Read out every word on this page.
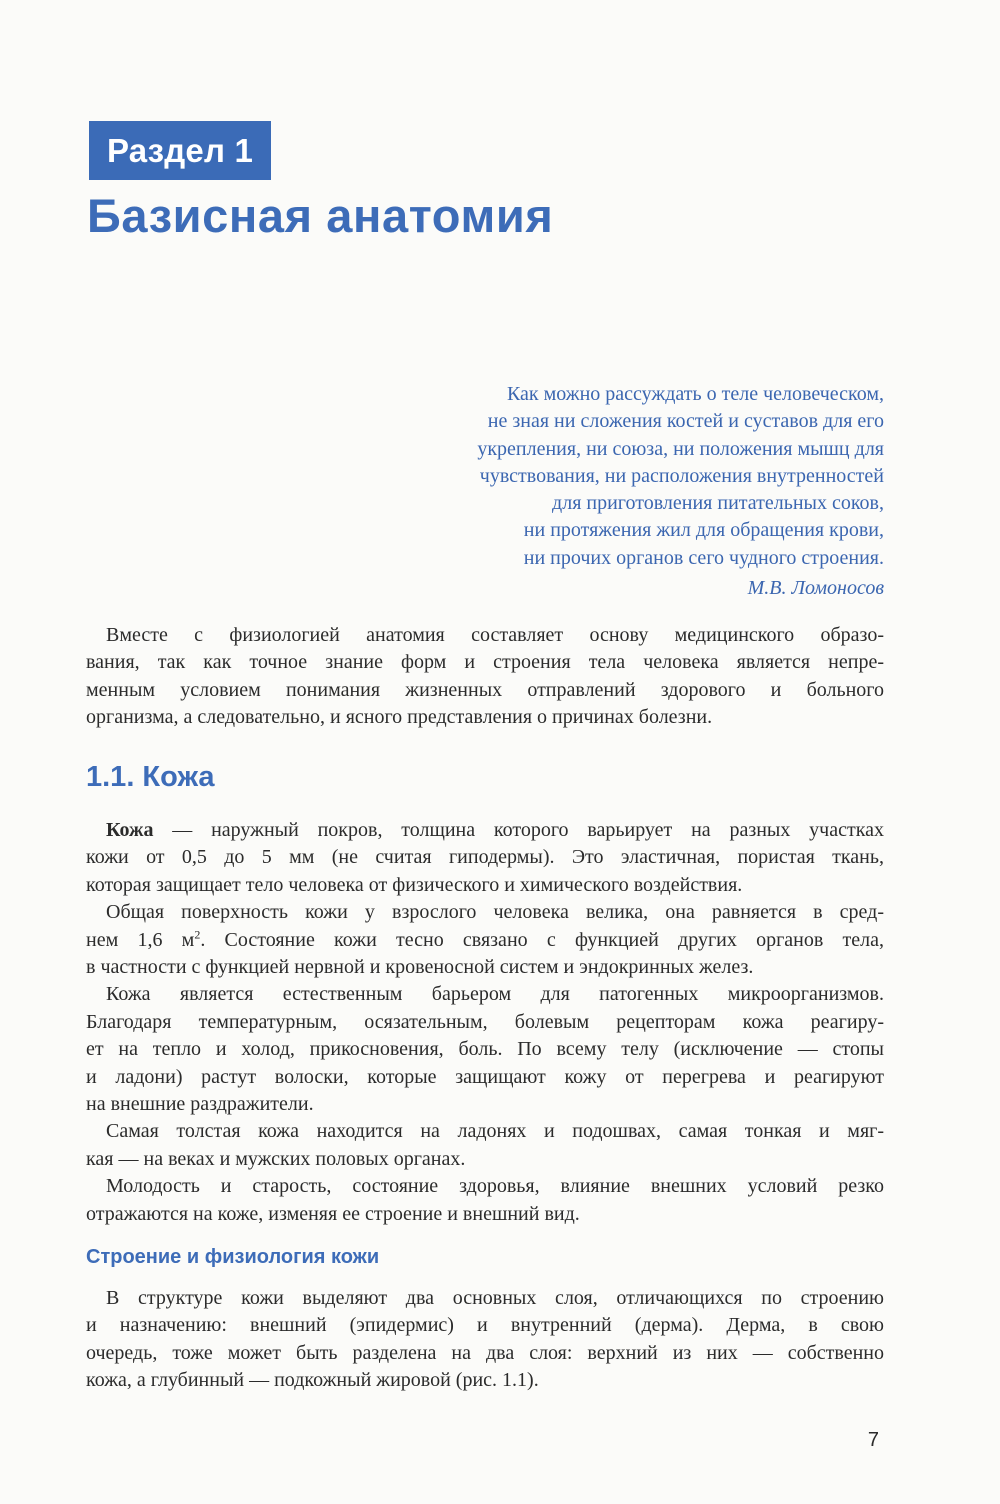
Раздел 1
Базисная анатомия
Как можно рассуждать о теле человеческом,
не зная ни сложения костей и суставов для его
укрепления, ни союза, ни положения мышц для
чувствования, ни расположения внутренностей
для приготовления питательных соков,
ни протяжения жил для обращения крови,
ни прочих органов сего чудного строения.
М.В. Ломоносов
Вместе с физиологией анатомия составляет основу медицинского образо-
вания, так как точное знание форм и строения тела человека является непре-
менным условием понимания жизненных отправлений здорового и больного
организма, а следовательно, и ясного представления о причинах болезни.
1.1. Кожа
Кожа — наружный покров, толщина которого варьирует на разных участках
кожи от 0,5 до 5 мм (не считая гиподермы). Это эластичная, пористая ткань,
которая защищает тело человека от физического и химического воздействия.
Общая поверхность кожи у взрослого человека велика, она равняется в сред-
нем 1,6 $м^2$. Состояние кожи тесно связано с функцией других органов тела,
в частности с функцией нервной и кровеносной систем и эндокринных желез.
Кожа является естественным барьером для патогенных микроорганизмов.
Благодаря температурным, осязательным, болевым рецепторам кожа реагиру-
ет на тепло и холод, прикосновения, боль. По всему телу (исключение — стопы
и ладони) растут волоски, которые защищают кожу от перегрева и реагируют
на внешние раздражители.
Самая толстая кожа находится на ладонях и подошвах, самая тонкая и мяг-
кая — на веках и мужских половых органах.
Молодость и старость, состояние здоровья, влияние внешних условий резко
отражаются на коже, изменяя ее строение и внешний вид.
Строение и физиология кожи
В структуре кожи выделяют два основных слоя, отличающихся по строению
и назначению: внешний (эпидермис) и внутренний (дерма). Дерма, в свою
очередь, тоже может быть разделена на два слоя: верхний из них — собственно
кожа, а глубинный — подкожный жировой (рис. 1.1).
7
